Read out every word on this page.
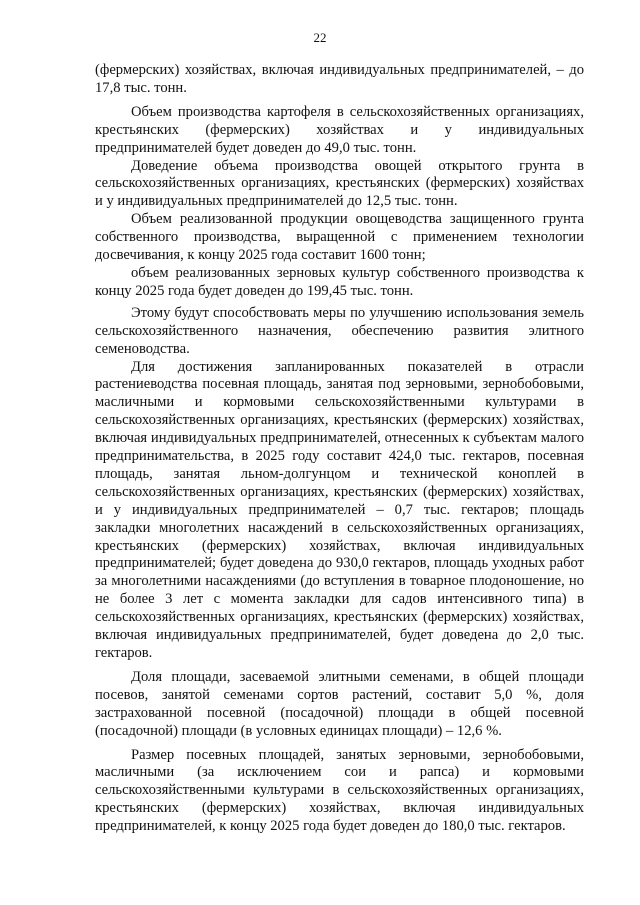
22

(фермерских) хозяйствах, включая индивидуальных предпринимателей, – до 17,8 тыс. тонн.

Объем производства картофеля в сельскохозяйственных организациях, крестьянских (фермерских) хозяйствах и у индивидуальных предпринимателей будет доведен до 49,0 тыс. тонн.

Доведение объема производства овощей открытого грунта в сельскохозяйственных организациях, крестьянских (фермерских) хозяйствах и у индивидуальных предпринимателей до 12,5 тыс. тонн.

Объем реализованной продукции овощеводства защищенного грунта собственного производства, выращенной с применением технологии досвечивания, к концу 2025 года составит 1600 тонн;

объем реализованных зерновых культур собственного производства к концу 2025 года будет доведен до 199,45 тыс. тонн.

Этому будут способствовать меры по улучшению использования земель сельскохозяйственного назначения, обеспечению развития элитного семеноводства.

Для достижения запланированных показателей в отрасли растениеводства посевная площадь, занятая под зерновыми, зернобобовыми, масличными и кормовыми сельскохозяйственными культурами в сельскохозяйственных организациях, крестьянских (фермерских) хозяйствах, включая индивидуальных предпринимателей, отнесенных к субъектам малого предпринимательства, в 2025 году составит 424,0 тыс. гектаров, посевная площадь, занятая льном-долгунцом и технической коноплей в сельскохозяйственных организациях, крестьянских (фермерских) хозяйствах, и у индивидуальных предпринимателей – 0,7 тыс. гектаров; площадь закладки многолетних насаждений в сельскохозяйственных организациях, крестьянских (фермерских) хозяйствах, включая индивидуальных предпринимателей; будет доведена до 930,0 гектаров, площадь уходных работ за многолетними насаждениями (до вступления в товарное плодоношение, но не более 3 лет с момента закладки для садов интенсивного типа) в сельскохозяйственных организациях, крестьянских (фермерских) хозяйствах, включая индивидуальных предпринимателей, будет доведена до 2,0 тыс. гектаров.

Доля площади, засеваемой элитными семенами, в общей площади посевов, занятой семенами сортов растений, составит 5,0 %, доля застрахованной посевной (посадочной) площади в общей посевной (посадочной) площади (в условных единицах площади) – 12,6 %.

Размер посевных площадей, занятых зерновыми, зернобобовыми, масличными (за исключением сои и рапса) и кормовыми сельскохозяйственными культурами в сельскохозяйственных организациях, крестьянских (фермерских) хозяйствах, включая индивидуальных предпринимателей, к концу 2025 года будет доведен до 180,0 тыс. гектаров.
